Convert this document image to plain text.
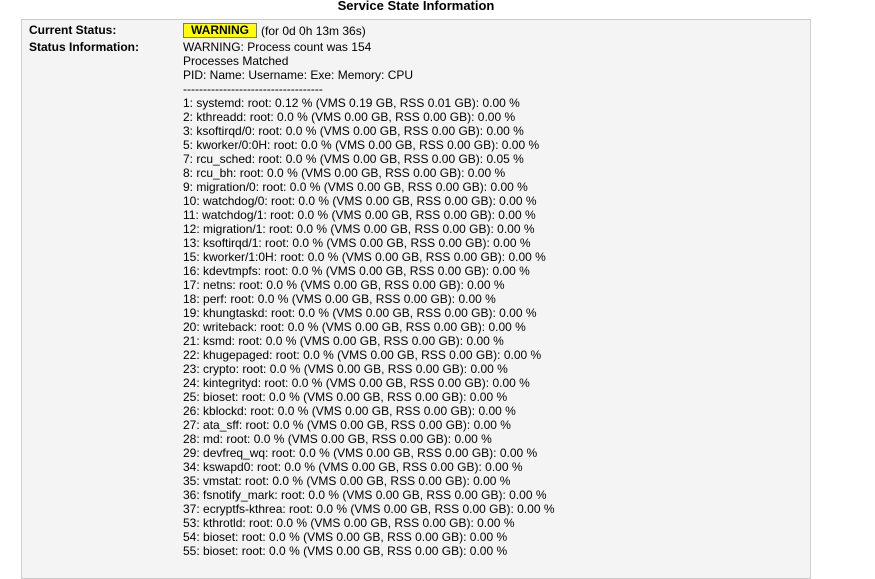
Service State Information
Current Status:	WARNING	(for 0d 0h 13m 36s)
Status Information:	WARNING: Process count was 154
Processes Matched
PID: Name: Username: Exe: Memory: CPU
-----------------------------------
1: systemd: root: 0.12 % (VMS 0.19 GB, RSS 0.01 GB): 0.00 %
2: kthreadd: root: 0.0 % (VMS 0.00 GB, RSS 0.00 GB): 0.00 %
3: ksoftirqd/0: root: 0.0 % (VMS 0.00 GB, RSS 0.00 GB): 0.00 %
5: kworker/0:0H: root: 0.0 % (VMS 0.00 GB, RSS 0.00 GB): 0.00 %
7: rcu_sched: root: 0.0 % (VMS 0.00 GB, RSS 0.00 GB): 0.05 %
8: rcu_bh: root: 0.0 % (VMS 0.00 GB, RSS 0.00 GB): 0.00 %
9: migration/0: root: 0.0 % (VMS 0.00 GB, RSS 0.00 GB): 0.00 %
10: watchdog/0: root: 0.0 % (VMS 0.00 GB, RSS 0.00 GB): 0.00 %
11: watchdog/1: root: 0.0 % (VMS 0.00 GB, RSS 0.00 GB): 0.00 %
12: migration/1: root: 0.0 % (VMS 0.00 GB, RSS 0.00 GB): 0.00 %
13: ksoftirqd/1: root: 0.0 % (VMS 0.00 GB, RSS 0.00 GB): 0.00 %
15: kworker/1:0H: root: 0.0 % (VMS 0.00 GB, RSS 0.00 GB): 0.00 %
16: kdevtmpfs: root: 0.0 % (VMS 0.00 GB, RSS 0.00 GB): 0.00 %
17: netns: root: 0.0 % (VMS 0.00 GB, RSS 0.00 GB): 0.00 %
18: perf: root: 0.0 % (VMS 0.00 GB, RSS 0.00 GB): 0.00 %
19: khungtaskd: root: 0.0 % (VMS 0.00 GB, RSS 0.00 GB): 0.00 %
20: writeback: root: 0.0 % (VMS 0.00 GB, RSS 0.00 GB): 0.00 %
21: ksmd: root: 0.0 % (VMS 0.00 GB, RSS 0.00 GB): 0.00 %
22: khugepaged: root: 0.0 % (VMS 0.00 GB, RSS 0.00 GB): 0.00 %
23: crypto: root: 0.0 % (VMS 0.00 GB, RSS 0.00 GB): 0.00 %
24: kintegrityd: root: 0.0 % (VMS 0.00 GB, RSS 0.00 GB): 0.00 %
25: bioset: root: 0.0 % (VMS 0.00 GB, RSS 0.00 GB): 0.00 %
26: kblockd: root: 0.0 % (VMS 0.00 GB, RSS 0.00 GB): 0.00 %
27: ata_sff: root: 0.0 % (VMS 0.00 GB, RSS 0.00 GB): 0.00 %
28: md: root: 0.0 % (VMS 0.00 GB, RSS 0.00 GB): 0.00 %
29: devfreq_wq: root: 0.0 % (VMS 0.00 GB, RSS 0.00 GB): 0.00 %
34: kswapd0: root: 0.0 % (VMS 0.00 GB, RSS 0.00 GB): 0.00 %
35: vmstat: root: 0.0 % (VMS 0.00 GB, RSS 0.00 GB): 0.00 %
36: fsnotify_mark: root: 0.0 % (VMS 0.00 GB, RSS 0.00 GB): 0.00 %
37: ecryptfs-kthrea: root: 0.0 % (VMS 0.00 GB, RSS 0.00 GB): 0.00 %
53: kthrotld: root: 0.0 % (VMS 0.00 GB, RSS 0.00 GB): 0.00 %
54: bioset: root: 0.0 % (VMS 0.00 GB, RSS 0.00 GB): 0.00 %
55: bioset: root: 0.0 % (VMS 0.00 GB, RSS 0.00 GB): 0.00 %
